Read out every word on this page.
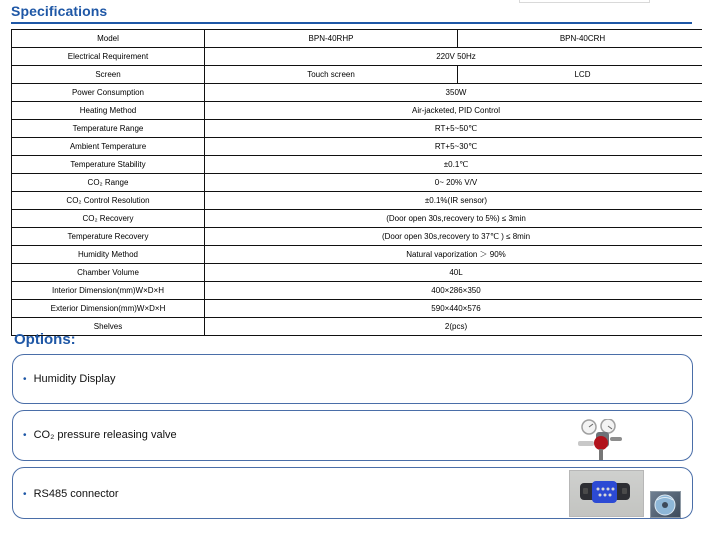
Specifications
Model	BPN-40RHP	BPN-40CRH
Electrical Requirement	220V 50Hz	
Screen	Touch screen	LCD
Power Consumption	350W	
Heating Method	Air-jacketed, PID Control	
Temperature Range	RT+5~50℃	
Ambient Temperature	RT+5~30℃	
Temperature Stability	±0.1℃	
CO₂ Range	0~ 20% V/V	
CO₂ Control Resolution	±0.1%(IR sensor)	
CO₂ Recovery	(Door open 30s,recovery to 5%) ≤ 3min	
Temperature Recovery	(Door open 30s,recovery to 37℃ ) ≤ 8min	
Humidity Method	Natural vaporization ＞ 90%	
Chamber Volume	40L	
Interior Dimension(mm)W×D×H	400×286×350	
Exterior Dimension(mm)W×D×H	590×440×576	
Shelves	2(pcs)	
Options:
• Humidity Display
• CO₂ pressure releasing valve
• RS485 connector
